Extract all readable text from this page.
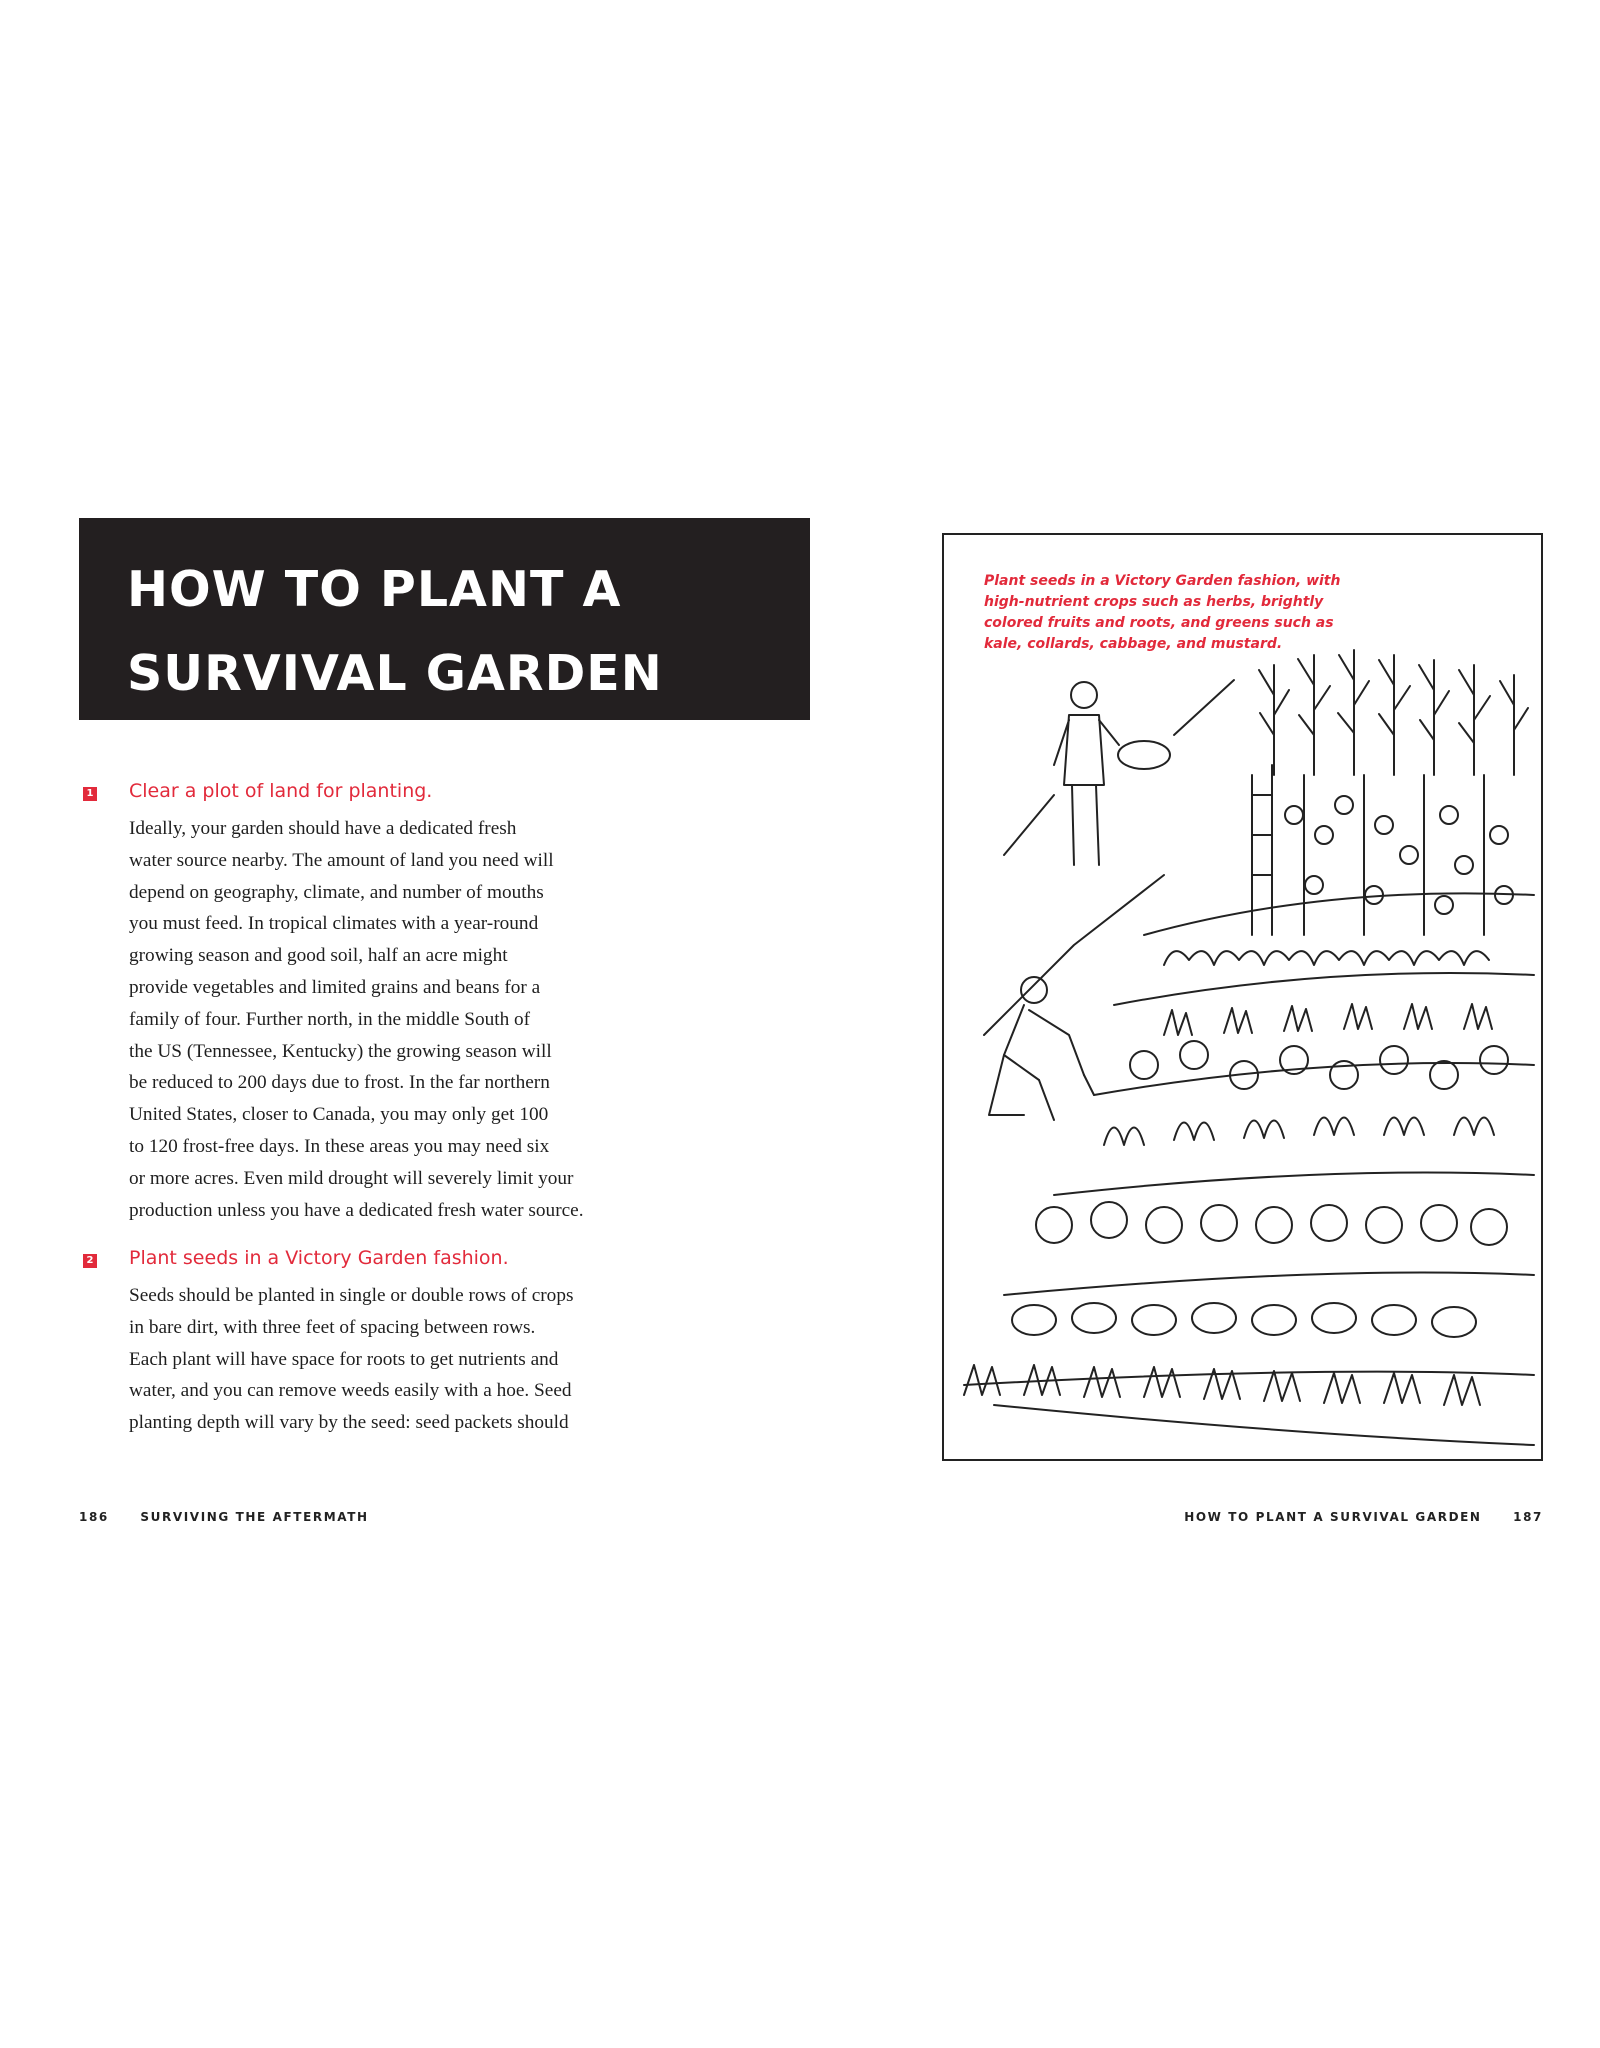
HOW TO PLANT A
SURVIVAL GARDEN
1 Clear a plot of land for planting.
Ideally, your garden should have a dedicated fresh
water source nearby. The amount of land you need will
depend on geography, climate, and number of mouths
you must feed. In tropical climates with a year-round
growing season and good soil, half an acre might
provide vegetables and limited grains and beans for a
family of four. Further north, in the middle South of
the US (Tennessee, Kentucky) the growing season will
be reduced to 200 days due to frost. In the far northern
United States, closer to Canada, you may only get 100
to 120 frost-free days. In these areas you may need six
or more acres. Even mild drought will severely limit your
production unless you have a dedicated fresh water source.
2 Plant seeds in a Victory Garden fashion.
Seeds should be planted in single or double rows of crops
in bare dirt, with three feet of spacing between rows.
Each plant will have space for roots to get nutrients and
water, and you can remove weeds easily with a hoe. Seed
planting depth will vary by the seed: seed packets should
186	SURVIVING THE AFTERMATH	HOW TO PLANT A SURVIVAL GARDEN	187
Plant seeds in a Victory Garden fashion, with
high-nutrient crops such as herbs, brightly
colored fruits and roots, and greens such as
kale, collards, cabbage, and mustard.
